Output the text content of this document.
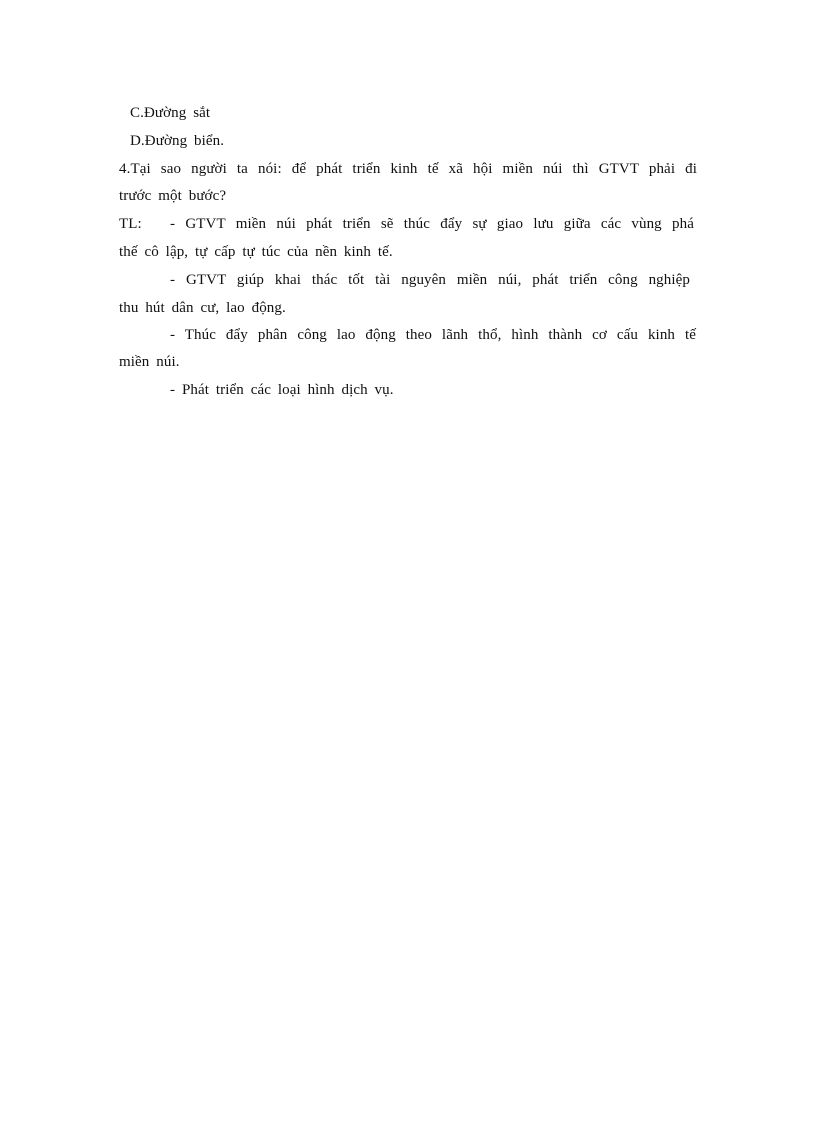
C.Đường sắt
D.Đường biển.
4.Tại sao người ta nói: để phát triển kinh tế xã hội miền núi thì GTVT phải đi
trước một bước?
TL: - GTVT miền núi phát triển sẽ thúc đẩy sự giao lưu giữa các vùng phá
thế cô lập, tự cấp tự túc của nền kinh tế.
- GTVT giúp khai thác tốt tài nguyên miền núi, phát triển công nghiệp
thu hút dân cư, lao động.
- Thúc đẩy phân công lao động theo lãnh thổ, hình thành cơ cấu kinh tế
miền núi.
- Phát triển các loại hình dịch vụ.
